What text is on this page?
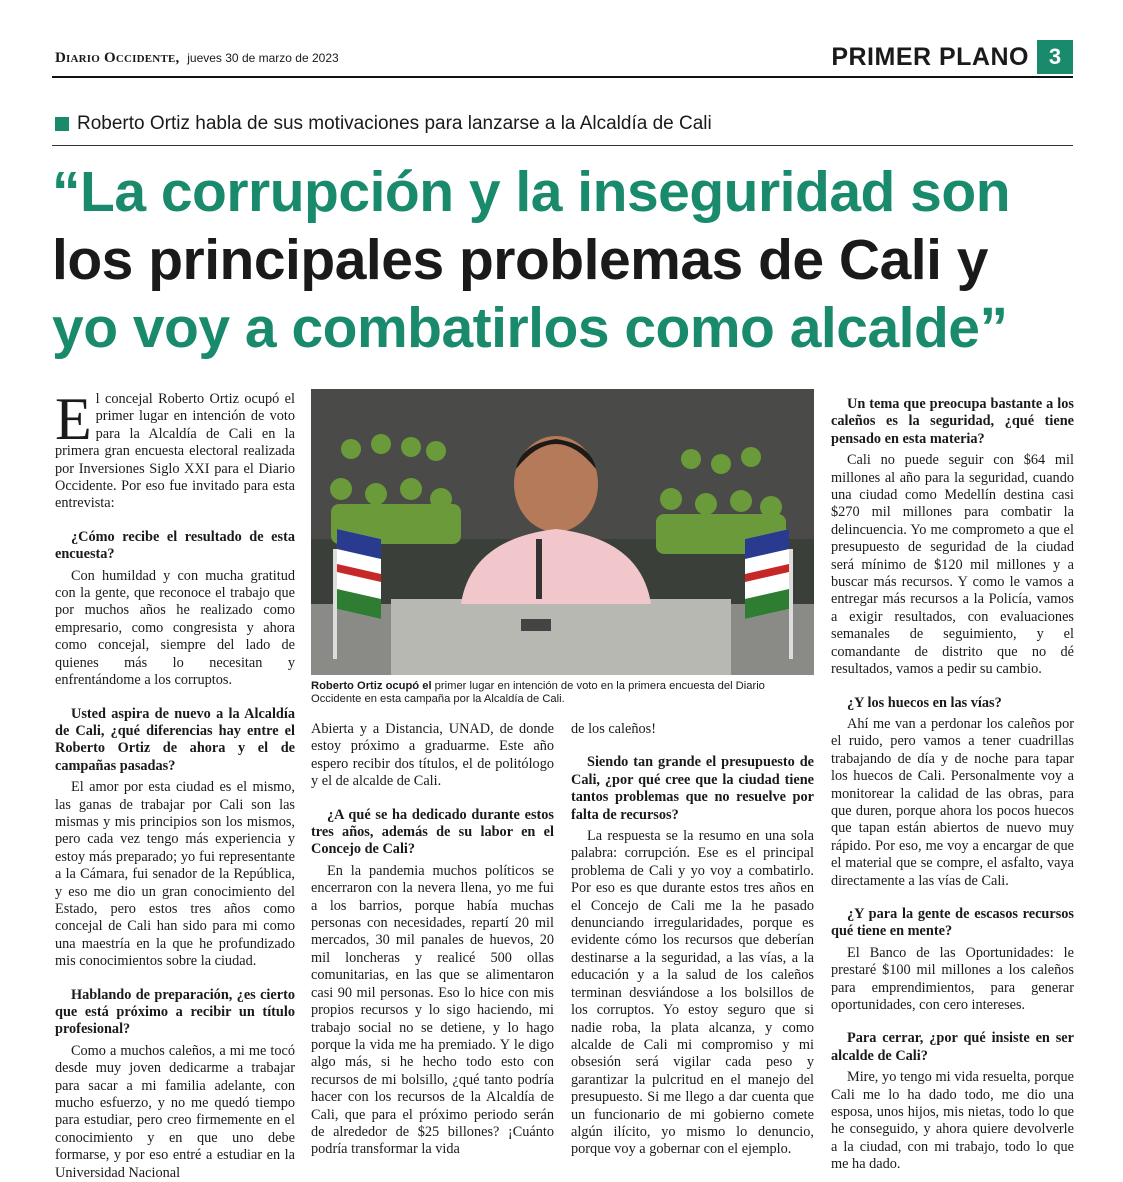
Diario Occidente, jueves 30 de marzo de 2023	PRIMER PLANO 3
Roberto Ortiz habla de sus motivaciones para lanzarse a la Alcaldía de Cali
“La corrupción y la inseguridad son
los principales problemas de Cali y
yo voy a combatirlos como alcalde”

El concejal Roberto Ortiz ocupó el primer lugar en intención de voto para la Alcaldía de Cali en la primera gran encuesta electoral realizada por Inversiones Siglo XXI para el Diario Occidente. Por eso fue invitado para esta entrevista:

¿Cómo recibe el resultado de esta encuesta?

Con humildad y con mucha gratitud con la gente, que reconoce el trabajo que por muchos años he realizado como empresario, como congresista y ahora como concejal, siempre del lado de quienes más lo necesitan y enfrentándome a los corruptos.

Usted aspira de nuevo a la Alcaldía de Cali, ¿qué diferencias hay entre el Roberto Ortiz de ahora y el de campañas pasadas?

El amor por esta ciudad es el mismo, las ganas de trabajar por Cali son las mismas y mis principios son los mismos, pero cada vez tengo más experiencia y estoy más preparado; yo fui representante a la Cámara, fui senador de la República, y eso me dio un gran conocimiento del Estado, pero estos tres años como concejal de Cali han sido para mi como una maestría en la que he profundizado mis conocimientos sobre la ciudad.

Hablando de preparación, ¿es cierto que está próximo a recibir un título profesional?

Como a muchos caleños, a mi me tocó desde muy joven dedicarme a trabajar para sacar a mi familia adelante, con mucho esfuerzo, y no me quedó tiempo para estudiar, pero creo firmemente en el conocimiento y en que uno debe formarse, y por eso entré a estudiar en la Universidad Nacional

Roberto Ortiz ocupó el primer lugar en intención de voto en la primera encuesta del Diario Occidente en esta campaña por la Alcaldía de Cali.

Abierta y a Distancia, UNAD, de donde estoy próximo a graduarme. Este año espero recibir dos títulos, el de politólogo y el de alcalde de Cali.

¿A qué se ha dedicado durante estos tres años, además de su labor en el Concejo de Cali?

En la pandemia muchos políticos se encerraron con la nevera llena, yo me fui a los barrios, porque había muchas personas con necesidades, repartí 20 mil mercados, 30 mil panales de huevos, 20 mil loncheras y realicé 500 ollas comunitarias, en las que se alimentaron casi 90 mil personas. Eso lo hice con mis propios recursos y lo sigo haciendo, mi trabajo social no se detiene, y lo hago porque la vida me ha premiado. Y le digo algo más, si he hecho todo esto con recursos de mi bolsillo, ¿qué tanto podría hacer con los recursos de la Alcaldía de Cali, que para el próximo periodo serán de alrededor de $25 billones? ¡Cuánto podría transformar la vida

de los caleños!

Siendo tan grande el presupuesto de Cali, ¿por qué cree que la ciudad tiene tantos problemas que no resuelve por falta de recursos?

La respuesta se la resumo en una sola palabra: corrupción. Ese es el principal problema de Cali y yo voy a combatirlo. Por eso es que durante estos tres años en el Concejo de Cali me la he pasado denunciando irregularidades, porque es evidente cómo los recursos que deberían destinarse a la seguridad, a las vías, a la educación y a la salud de los caleños terminan desviándose a los bolsillos de los corruptos. Yo estoy seguro que si nadie roba, la plata alcanza, y como alcalde de Cali mi compromiso y mi obsesión será vigilar cada peso y garantizar la pulcritud en el manejo del presupuesto. Si me llego a dar cuenta que un funcionario de mi gobierno comete algún ilícito, yo mismo lo denuncio, porque voy a gobernar con el ejemplo.

Un tema que preocupa bastante a los caleños es la seguridad, ¿qué tiene pensado en esta materia?

Cali no puede seguir con $64 mil millones al año para la seguridad, cuando una ciudad como Medellín destina casi $270 mil millones para combatir la delincuencia. Yo me comprometo a que el presupuesto de seguridad de la ciudad será mínimo de $120 mil millones y a buscar más recursos. Y como le vamos a entregar más recursos a la Policía, vamos a exigir resultados, con evaluaciones semanales de seguimiento, y el comandante de distrito que no dé resultados, vamos a pedir su cambio.

¿Y los huecos en las vías?

Ahí me van a perdonar los caleños por el ruido, pero vamos a tener cuadrillas trabajando de día y de noche para tapar los huecos de Cali. Personalmente voy a monitorear la calidad de las obras, para que duren, porque ahora los pocos huecos que tapan están abiertos de nuevo muy rápido. Por eso, me voy a encargar de que el material que se compre, el asfalto, vaya directamente a las vías de Cali.

¿Y para la gente de escasos recursos qué tiene en mente?

El Banco de las Oportunidades: le prestaré $100 mil millones a los caleños para emprendimientos, para generar oportunidades, con cero intereses.

Para cerrar, ¿por qué insiste en ser alcalde de Cali?

Mire, yo tengo mi vida resuelta, porque Cali me lo ha dado todo, me dio una esposa, unos hijos, mis nietas, todo lo que he conseguido, y ahora quiere devolverle a la ciudad, con mi trabajo, todo lo que me ha dado.
